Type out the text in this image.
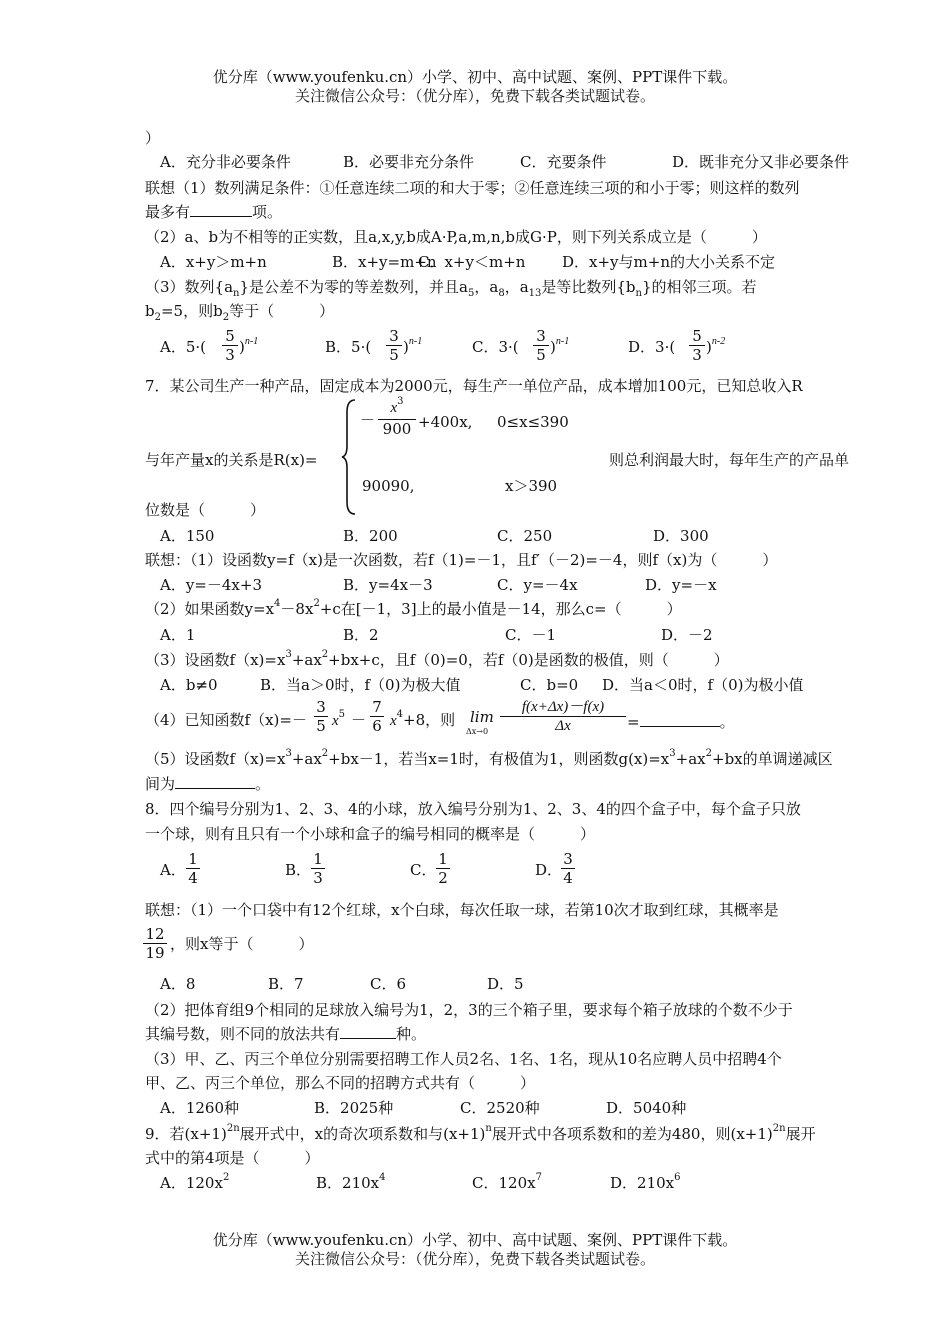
优分库（www.youfenku.cn）小学、初中、高中试题、案例、PPT课件下载。
关注微信公众号：（优分库），免费下载各类试题试卷。
）
A．充分非必要条件	B．必要非充分条件	C．充要条件	D．既非充分又非必要条件
联想（1）数列满足条件：①任意连续二项的和大于零；②任意连续三项的和小于零；则这样的数列
最多有	项。
（2）a、b为不相等的正实数，且a,x,y,b成A·P,a,m,n,b成G·P，则下列关系成立是（　　　）
A．x+y＞m+n	B．x+y=m+n
C．x+y＜m+n D．x+y与m+n的大小关系不定
（3）数列$\{a_n\}$是公差不为零的等差数列，并且$a_5$，$a_8$，$a_{13}$是等比数列$\{b_n\}$的相邻三项。若
$b_2=5$，则$b_2$等于（　　　）
A．$5\cdot( \frac{5}{3} )^{n-1}$	B．$5\cdot( \frac{3}{5} )^{n-1}$	C．$3\cdot( \frac{3}{5} )^{n-1}$	D．$3\cdot( \frac{5}{3} )^{n-2}$
7．某公司生产一种产品，固定成本为2000元，每生产一单位产品，成本增加100元，已知总收入R
－ $\frac{x^3}{900} +400x$, 0≤x≤390
与年产量x的关系是R(x)=	则总利润最大时，每年生产的产品单
90090,	x＞390
位数是（　　　）
A．150	B．200	C．250	D．300
联想：（1）设函数y=f（x)是一次函数，若f（1)=－1，且f′（－2)=－4，则f（x)为（　　　）
A．y=－4x+3	B．y=4x－3	C．y=－4x	D．y=－x
（2）如果函数$y=x^4-8x^2+c$在[－1，3]上的最小值是－14，那么c=（　　　）
A．1	B．2	C．－1	D．－2
（3）设函数$f(x)=x^3+ax^2+bx+c$，且f（0)=0，若f（0)是函数的极值，则（　　　）
A．b≠0	B．当a＞0时，f（0)为极大值	C．b=0 D．当a＜0时，f（0)为极小值
（4）已知函数$f(x)=- \frac{3}{5} x^5 - \frac{7}{6} x^4+8$，则 lim
$\Delta x\to 0 \frac{f(x+\Delta x)-f(x)}{\Delta x}$ =	。
（5）设函数$f(x)=x^3+ax^2+bx-1$，若当x=1时，有极值为1，则函数$g(x)=x^3+ax^2+bx$的单调递减区
间为	。
8．四个编号分别为1、2、3、4的小球，放入编号分别为1、2、3、4的四个盒子中，每个盒子只放
一个球，则有且只有一个小球和盒子的编号相同的概率是（　　　）
A． $\frac{1}{4}$	B． $\frac{1}{3}$	C． $\frac{1}{2}$	D．
$\frac{3}{4}$
联想：（1）一个口袋中有12个红球，x个白球，每次任取一球，若第10次才取到红球，其概率是
$\frac{12}{19}$ ，则x等于（　　　）
A．8	B．7	C．6	D．5
（2）把体育组9个相同的足球放入编号为1，2，3的三个箱子里，要求每个箱子放球的个数不少于
其编号数，则不同的放法共有	种。
（3）甲、乙、丙三个单位分别需要招聘工作人员2名、1名、1名，现从10名应聘人员中招聘4个
甲、乙、丙三个单位，那么不同的招聘方式共有（　　　）
A．1260种	B．2025种	C．2520种	D．5040种
9．若$(x+1)^{2n}$展开式中，x的奇次项系数和与$(x+1)^n$展开式中各项系数和的差为480，则$(x+1)^{2n}$展开
式中的第4项是（　　　）
A．$120x^2$	B．$210x^4$	C．$120x^7$	D．$210x^6$
优分库（www.youfenku.cn）小学、初中、高中试题、案例、PPT课件下载。
关注微信公众号：（优分库），免费下载各类试题试卷。
